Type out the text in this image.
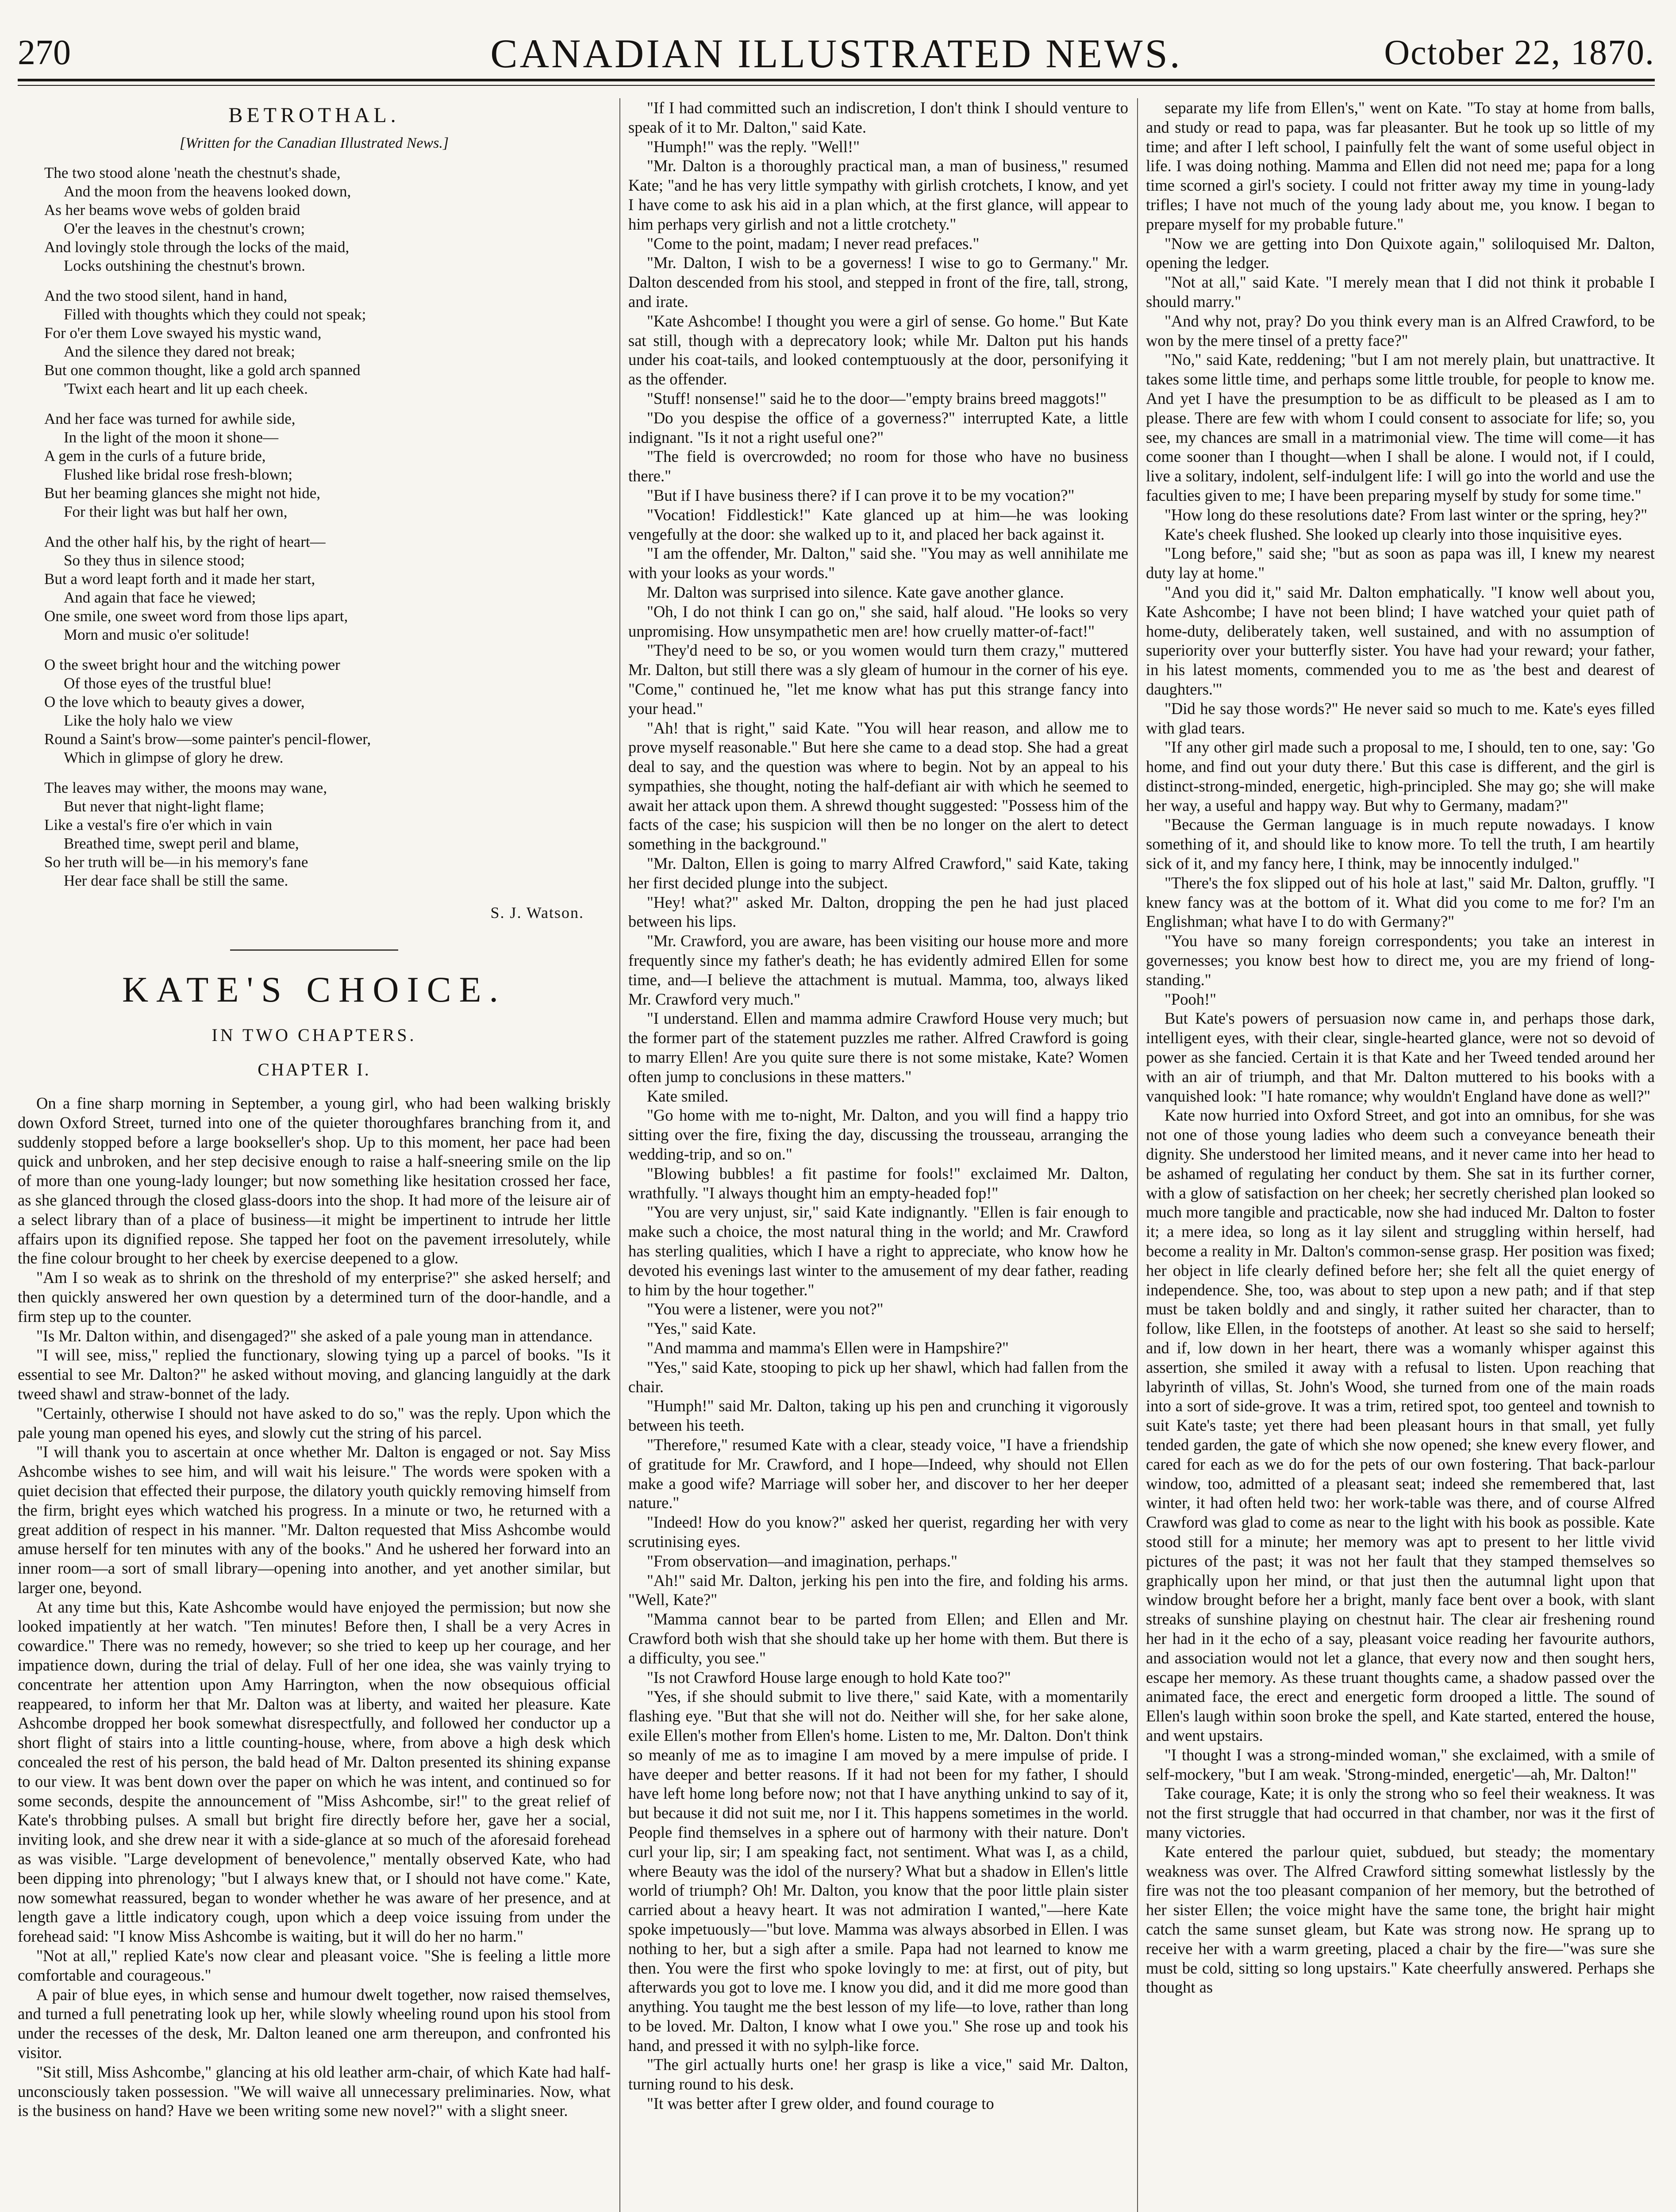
270	CANADIAN ILLUSTRATED NEWS.	October 22, 1870.
BETROTHAL.
[Written for the Canadian Illustrated News.]
The two stood alone 'neath the chestnut's shade,
And the moon from the heavens looked down,
As her beams wove webs of golden braid
O'er the leaves in the chestnut's crown;
And lovingly stole through the locks of the maid,
Locks outshining the chestnut's brown.
And the two stood silent, hand in hand,
Filled with thoughts which they could not speak;
For o'er them Love swayed his mystic wand,
And the silence they dared not break;
But one common thought, like a gold arch spanned
'Twixt each heart and lit up each cheek.
And her face was turned for awhile side,
In the light of the moon it shone—
A gem in the curls of a future bride,
Flushed like bridal rose fresh-blown;
But her beaming glances she might not hide,
For their light was but half her own,
And the other half his, by the right of heart—
So they thus in silence stood;
But a word leapt forth and it made her start,
And again that face he viewed;
One smile, one sweet word from those lips apart,
Morn and music o'er solitude!
O the sweet bright hour and the witching power
Of those eyes of the trustful blue!
O the love which to beauty gives a dower,
Like the holy halo we view
Round a Saint's brow—some painter's pencil-flower,
Which in glimpse of glory he drew.
The leaves may wither, the moons may wane,
But never that night-light flame;
Like a vestal's fire o'er which in vain
Breathed time, swept peril and blame,
So her truth will be—in his memory's fane
Her dear face shall be still the same.
S. J. Watson.
KATE'S CHOICE.
IN TWO CHAPTERS.
CHAPTER I.

On a fine sharp morning in September, a young girl, who had been walking briskly down Oxford Street, turned into one of the quieter thoroughfares branching from it, and suddenly stopped before a large bookseller's shop. Up to this moment, her pace had been quick and unbroken, and her step decisive enough to raise a half-sneering smile on the lip of more than one young-lady lounger; but now something like hesitation crossed her face, as she glanced through the closed glass-doors into the shop. It had more of the leisure air of a select library than of a place of business—it might be impertinent to intrude her little affairs upon its dignified repose. She tapped her foot on the pavement irresolutely, while the fine colour brought to her cheek by exercise deepened to a glow.

"Am I so weak as to shrink on the threshold of my enterprise?" she asked herself; and then quickly answered her own question by a determined turn of the door-handle, and a firm step up to the counter.

"Is Mr. Dalton within, and disengaged?" she asked of a pale young man in attendance.

"I will see, miss," replied the functionary, slowing tying up a parcel of books. "Is it essential to see Mr. Dalton?" he asked without moving, and glancing languidly at the dark tweed shawl and straw-bonnet of the lady.

"Certainly, otherwise I should not have asked to do so," was the reply. Upon which the pale young man opened his eyes, and slowly cut the string of his parcel.

"I will thank you to ascertain at once whether Mr. Dalton is engaged or not. Say Miss Ashcombe wishes to see him, and will wait his leisure." The words were spoken with a quiet decision that effected their purpose, the dilatory youth quickly removing himself from the firm, bright eyes which watched his progress. In a minute or two, he returned with a great addition of respect in his manner. "Mr. Dalton requested that Miss Ashcombe would amuse herself for ten minutes with any of the books." And he ushered her forward into an inner room—a sort of small library—opening into another, and yet another similar, but larger one, beyond.

At any time but this, Kate Ashcombe would have enjoyed the permission; but now she looked impatiently at her watch. "Ten minutes! Before then, I shall be a very Acres in cowardice." There was no remedy, however; so she tried to keep up her courage, and her impatience down, during the trial of delay. Full of her one idea, she was vainly trying to concentrate her attention upon Amy Harrington, when the now obsequious official reappeared, to inform her that Mr. Dalton was at liberty, and waited her pleasure. Kate Ashcombe dropped her book somewhat disrespectfully, and followed her conductor up a short flight of stairs into a little counting-house, where, from above a high desk which concealed the rest of his person, the bald head of Mr. Dalton presented its shining expanse to our view. It was bent down over the paper on which he was intent, and continued so for some seconds, despite the announcement of "Miss Ashcombe, sir!" to the great relief of Kate's throbbing pulses. A small but bright fire directly before her, gave her a social, inviting look, and she drew near it with a side-glance at so much of the aforesaid forehead as was visible. "Large development of benevolence," mentally observed Kate, who had been dipping into phrenology; "but I always knew that, or I should not have come." Kate, now somewhat reassured, began to wonder whether he was aware of her presence, and at length gave a little indicatory cough, upon which a deep voice issuing from under the forehead said: "I know Miss Ashcombe is waiting, but it will do her no harm."

"Not at all," replied Kate's now clear and pleasant voice. "She is feeling a little more comfortable and courageous."

A pair of blue eyes, in which sense and humour dwelt together, now raised themselves, and turned a full penetrating look up her, while slowly wheeling round upon his stool from under the recesses of the desk, Mr. Dalton leaned one arm thereupon, and confronted his visitor.

"Sit still, Miss Ashcombe," glancing at his old leather arm-chair, of which Kate had half-unconsciously taken possession. "We will waive all unnecessary preliminaries. Now, what is the business on hand? Have we been writing some new novel?" with a slight sneer.

"If I had committed such an indiscretion, I don't think I should venture to speak of it to Mr. Dalton," said Kate.

"Humph!" was the reply. "Well!"

"Mr. Dalton is a thoroughly practical man, a man of business," resumed Kate; "and he has very little sympathy with girlish crotchets, I know, and yet I have come to ask his aid in a plan which, at the first glance, will appear to him perhaps very girlish and not a little crotchety."

"Come to the point, madam; I never read prefaces."

"Mr. Dalton, I wish to be a governess! I wise to go to Germany." Mr. Dalton descended from his stool, and stepped in front of the fire, tall, strong, and irate.

"Kate Ashcombe! I thought you were a girl of sense. Go home." But Kate sat still, though with a deprecatory look; while Mr. Dalton put his hands under his coat-tails, and looked contemptuously at the door, personifying it as the offender.

"Stuff! nonsense!" said he to the door—"empty brains breed maggots!"

"Do you despise the office of a governess?" interrupted Kate, a little indignant. "Is it not a right useful one?"

"The field is overcrowded; no room for those who have no business there."

"But if I have business there? if I can prove it to be my vocation?"

"Vocation! Fiddlestick!" Kate glanced up at him—he was looking vengefully at the door: she walked up to it, and placed her back against it.

"I am the offender, Mr. Dalton," said she. "You may as well annihilate me with your looks as your words."

Mr. Dalton was surprised into silence. Kate gave another glance.

"Oh, I do not think I can go on," she said, half aloud. "He looks so very unpromising. How unsympathetic men are! how cruelly matter-of-fact!"

"They'd need to be so, or you women would turn them crazy," muttered Mr. Dalton, but still there was a sly gleam of humour in the corner of his eye. "Come," continued he, "let me know what has put this strange fancy into your head."

"Ah! that is right," said Kate. "You will hear reason, and allow me to prove myself reasonable." But here she came to a dead stop. She had a great deal to say, and the question was where to begin. Not by an appeal to his sympathies, she thought, noting the half-defiant air with which he seemed to await her attack upon them. A shrewd thought suggested: "Possess him of the facts of the case; his suspicion will then be no longer on the alert to detect something in the background."

"Mr. Dalton, Ellen is going to marry Alfred Crawford," said Kate, taking her first decided plunge into the subject.

"Hey! what?" asked Mr. Dalton, dropping the pen he had just placed between his lips.

"Mr. Crawford, you are aware, has been visiting our house more and more frequently since my father's death; he has evidently admired Ellen for some time, and—I believe the attachment is mutual. Mamma, too, always liked Mr. Crawford very much."

"I understand. Ellen and mamma admire Crawford House very much; but the former part of the statement puzzles me rather. Alfred Crawford is going to marry Ellen! Are you quite sure there is not some mistake, Kate? Women often jump to conclusions in these matters."

Kate smiled.

"Go home with me to-night, Mr. Dalton, and you will find a happy trio sitting over the fire, fixing the day, discussing the trousseau, arranging the wedding-trip, and so on."

"Blowing bubbles! a fit pastime for fools!" exclaimed Mr. Dalton, wrathfully. "I always thought him an empty-headed fop!"

"You are very unjust, sir," said Kate indignantly. "Ellen is fair enough to make such a choice, the most natural thing in the world; and Mr. Crawford has sterling qualities, which I have a right to appreciate, who know how he devoted his evenings last winter to the amusement of my dear father, reading to him by the hour together."

"You were a listener, were you not?"

"Yes," said Kate.

"And mamma and mamma's Ellen were in Hampshire?"

"Yes," said Kate, stooping to pick up her shawl, which had fallen from the chair.

"Humph!" said Mr. Dalton, taking up his pen and crunching it vigorously between his teeth.

"Therefore," resumed Kate with a clear, steady voice, "I have a friendship of gratitude for Mr. Crawford, and I hope—Indeed, why should not Ellen make a good wife? Marriage will sober her, and discover to her her deeper nature."

"Indeed! How do you know?" asked her querist, regarding her with very scrutinising eyes.

"From observation—and imagination, perhaps."

"Ah!" said Mr. Dalton, jerking his pen into the fire, and folding his arms. "Well, Kate?"

"Mamma cannot bear to be parted from Ellen; and Ellen and Mr. Crawford both wish that she should take up her home with them. But there is a difficulty, you see."

"Is not Crawford House large enough to hold Kate too?"

"Yes, if she should submit to live there," said Kate, with a momentarily flashing eye. "But that she will not do. Neither will she, for her sake alone, exile Ellen's mother from Ellen's home. Listen to me, Mr. Dalton. Don't think so meanly of me as to imagine I am moved by a mere impulse of pride. I have deeper and better reasons. If it had not been for my father, I should have left home long before now; not that I have anything unkind to say of it, but because it did not suit me, nor I it. This happens sometimes in the world. People find themselves in a sphere out of harmony with their nature. Don't curl your lip, sir; I am speaking fact, not sentiment. What was I, as a child, where Beauty was the idol of the nursery? What but a shadow in Ellen's little world of triumph? Oh! Mr. Dalton, you know that the poor little plain sister carried about a heavy heart. It was not admiration I wanted,"—here Kate spoke impetuously—"but love. Mamma was always absorbed in Ellen. I was nothing to her, but a sigh after a smile. Papa had not learned to know me then. You were the first who spoke lovingly to me: at first, out of pity, but afterwards you got to love me. I know you did, and it did me more good than anything. You taught me the best lesson of my life—to love, rather than long to be loved. Mr. Dalton, I know what I owe you." She rose up and took his hand, and pressed it with no sylph-like force.

"The girl actually hurts one! her grasp is like a vice," said Mr. Dalton, turning round to his desk.

"It was better after I grew older, and found courage to

separate my life from Ellen's," went on Kate. "To stay at home from balls, and study or read to papa, was far pleasanter. But he took up so little of my time; and after I left school, I painfully felt the want of some useful object in life. I was doing nothing. Mamma and Ellen did not need me; papa for a long time scorned a girl's society. I could not fritter away my time in young-lady trifles; I have not much of the young lady about me, you know. I began to prepare myself for my probable future."

"Now we are getting into Don Quixote again," soliloquised Mr. Dalton, opening the ledger.

"Not at all," said Kate. "I merely mean that I did not think it probable I should marry."

"And why not, pray? Do you think every man is an Alfred Crawford, to be won by the mere tinsel of a pretty face?"

"No," said Kate, reddening; "but I am not merely plain, but unattractive. It takes some little time, and perhaps some little trouble, for people to know me. And yet I have the presumption to be as difficult to be pleased as I am to please. There are few with whom I could consent to associate for life; so, you see, my chances are small in a matrimonial view. The time will come—it has come sooner than I thought—when I shall be alone. I would not, if I could, live a solitary, indolent, self-indulgent life: I will go into the world and use the faculties given to me; I have been preparing myself by study for some time."

"How long do these resolutions date? From last winter or the spring, hey?"

Kate's cheek flushed. She looked up clearly into those inquisitive eyes.

"Long before," said she; "but as soon as papa was ill, I knew my nearest duty lay at home."

"And you did it," said Mr. Dalton emphatically. "I know well about you, Kate Ashcombe; I have not been blind; I have watched your quiet path of home-duty, deliberately taken, well sustained, and with no assumption of superiority over your butterfly sister. You have had your reward; your father, in his latest moments, commended you to me as 'the best and dearest of daughters.'"

"Did he say those words?" He never said so much to me. Kate's eyes filled with glad tears.

"If any other girl made such a proposal to me, I should, ten to one, say: 'Go home, and find out your duty there.' But this case is different, and the girl is distinct-strong-minded, energetic, high-principled. She may go; she will make her way, a useful and happy way. But why to Germany, madam?"

"Because the German language is in much repute nowadays. I know something of it, and should like to know more. To tell the truth, I am heartily sick of it, and my fancy here, I think, may be innocently indulged."

"There's the fox slipped out of his hole at last," said Mr. Dalton, gruffly. "I knew fancy was at the bottom of it. What did you come to me for? I'm an Englishman; what have I to do with Germany?"

"You have so many foreign correspondents; you take an interest in governesses; you know best how to direct me, you are my friend of long-standing."

"Pooh!"

But Kate's powers of persuasion now came in, and perhaps those dark, intelligent eyes, with their clear, single-hearted glance, were not so devoid of power as she fancied. Certain it is that Kate and her Tweed tended around her with an air of triumph, and that Mr. Dalton muttered to his books with a vanquished look: "I hate romance; why wouldn't England have done as well?"

Kate now hurried into Oxford Street, and got into an omnibus, for she was not one of those young ladies who deem such a conveyance beneath their dignity. She understood her limited means, and it never came into her head to be ashamed of regulating her conduct by them. She sat in its further corner, with a glow of satisfaction on her cheek; her secretly cherished plan looked so much more tangible and practicable, now she had induced Mr. Dalton to foster it; a mere idea, so long as it lay silent and struggling within herself, had become a reality in Mr. Dalton's common-sense grasp. Her position was fixed; her object in life clearly defined before her; she felt all the quiet energy of independence. She, too, was about to step upon a new path; and if that step must be taken boldly and and singly, it rather suited her character, than to follow, like Ellen, in the footsteps of another. At least so she said to herself; and if, low down in her heart, there was a womanly whisper against this assertion, she smiled it away with a refusal to listen. Upon reaching that labyrinth of villas, St. John's Wood, she turned from one of the main roads into a sort of side-grove. It was a trim, retired spot, too genteel and townish to suit Kate's taste; yet there had been pleasant hours in that small, yet fully tended garden, the gate of which she now opened; she knew every flower, and cared for each as we do for the pets of our own fostering. That back-parlour window, too, admitted of a pleasant seat; indeed she remembered that, last winter, it had often held two: her work-table was there, and of course Alfred Crawford was glad to come as near to the light with his book as possible. Kate stood still for a minute; her memory was apt to present to her little vivid pictures of the past; it was not her fault that they stamped themselves so graphically upon her mind, or that just then the autumnal light upon that window brought before her a bright, manly face bent over a book, with slant streaks of sunshine playing on chestnut hair. The clear air freshening round her had in it the echo of a say, pleasant voice reading her favourite authors, and association would not let a glance, that every now and then sought hers, escape her memory. As these truant thoughts came, a shadow passed over the animated face, the erect and energetic form drooped a little. The sound of Ellen's laugh within soon broke the spell, and Kate started, entered the house, and went upstairs.

"I thought I was a strong-minded woman," she exclaimed, with a smile of self-mockery, "but I am weak. 'Strong-minded, energetic'—ah, Mr. Dalton!"

Take courage, Kate; it is only the strong who so feel their weakness. It was not the first struggle that had occurred in that chamber, nor was it the first of many victories.

Kate entered the parlour quiet, subdued, but steady; the momentary weakness was over. The Alfred Crawford sitting somewhat listlessly by the fire was not the too pleasant companion of her memory, but the betrothed of her sister Ellen; the voice might have the same tone, the bright hair might catch the same sunset gleam, but Kate was strong now. He sprang up to receive her with a warm greeting, placed a chair by the fire—"was sure she must be cold, sitting so long upstairs." Kate cheerfully answered. Perhaps she thought as
